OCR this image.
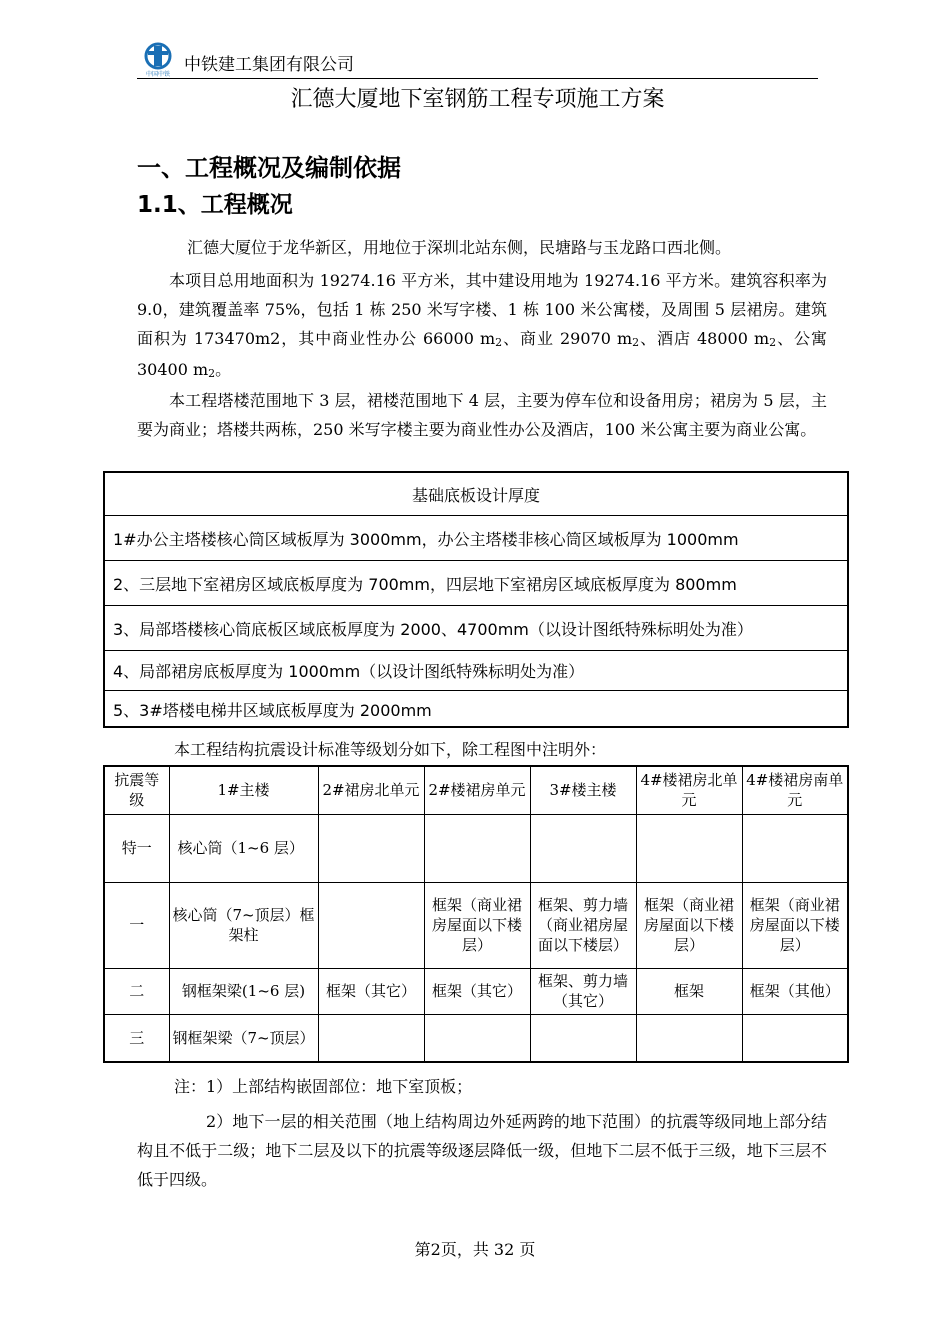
中国中铁 中铁建工集团有限公司
汇德大厦地下室钢筋工程专项施工方案
一、工程概况及编制依据
1.1、工程概况
汇德大厦位于龙华新区，用地位于深圳北站东侧，民塘路与玉龙路口西北侧。
本项目总用地面积为 19274.16 平方米，其中建设用地为 19274.16 平方米。建筑容积率为 9.0，建筑覆盖率 75%，包括 1 栋 250 米写字楼、1 栋 100 米公寓楼，及周围 5 层裙房。建筑面积为 173470m2，其中商业性办公 66000 $m_2$、商业 29070 $m_2$、酒店 48000 $m_2$、公寓 30400 $m_2$。
本工程塔楼范围地下 3 层，裙楼范围地下 4 层，主要为停车位和设备用房；裙房为 5 层，主要为商业；塔楼共两栋，250 米写字楼主要为商业性办公及酒店，100 米公寓主要为商业公寓。
基础底板设计厚度
1#办公主塔楼核心筒区域板厚为 3000mm，办公主塔楼非核心筒区域板厚为 1000mm
2、三层地下室裙房区域底板厚度为 700mm，四层地下室裙房区域底板厚度为 800mm
3、局部塔楼核心筒底板区域底板厚度为 2000、4700mm（以设计图纸特殊标明处为准）
4、局部裙房底板厚度为 1000mm（以设计图纸特殊标明处为准）
5、3#塔楼电梯井区域底板厚度为 2000mm
本工程结构抗震设计标准等级划分如下，除工程图中注明外：
抗震等级	1#主楼	2#裙房北单元	2#楼裙房单元	3#楼主楼	4#楼裙房北单元	4#楼裙房南单元
特一	核心筒（1~6 层）					
一	核心筒（7~顶层）框架柱		框架（商业裙房屋面以下楼层）	框架、剪力墙（商业裙房屋面以下楼层）	框架（商业裙房屋面以下楼层）	框架（商业裙房屋面以下楼层）
二	钢框架梁(1~6 层)	框架（其它）	框架（其它）	框架、剪力墙（其它）	框架	框架（其他）
三	钢框架梁（7~顶层）					
注：1）上部结构嵌固部位：地下室顶板；
2）地下一层的相关范围（地上结构周边外延两跨的地下范围）的抗震等级同地上部分结构且不低于二级；地下二层及以下的抗震等级逐层降低一级，但地下二层不低于三级，地下三层不低于四级。
第2页，共 32 页
